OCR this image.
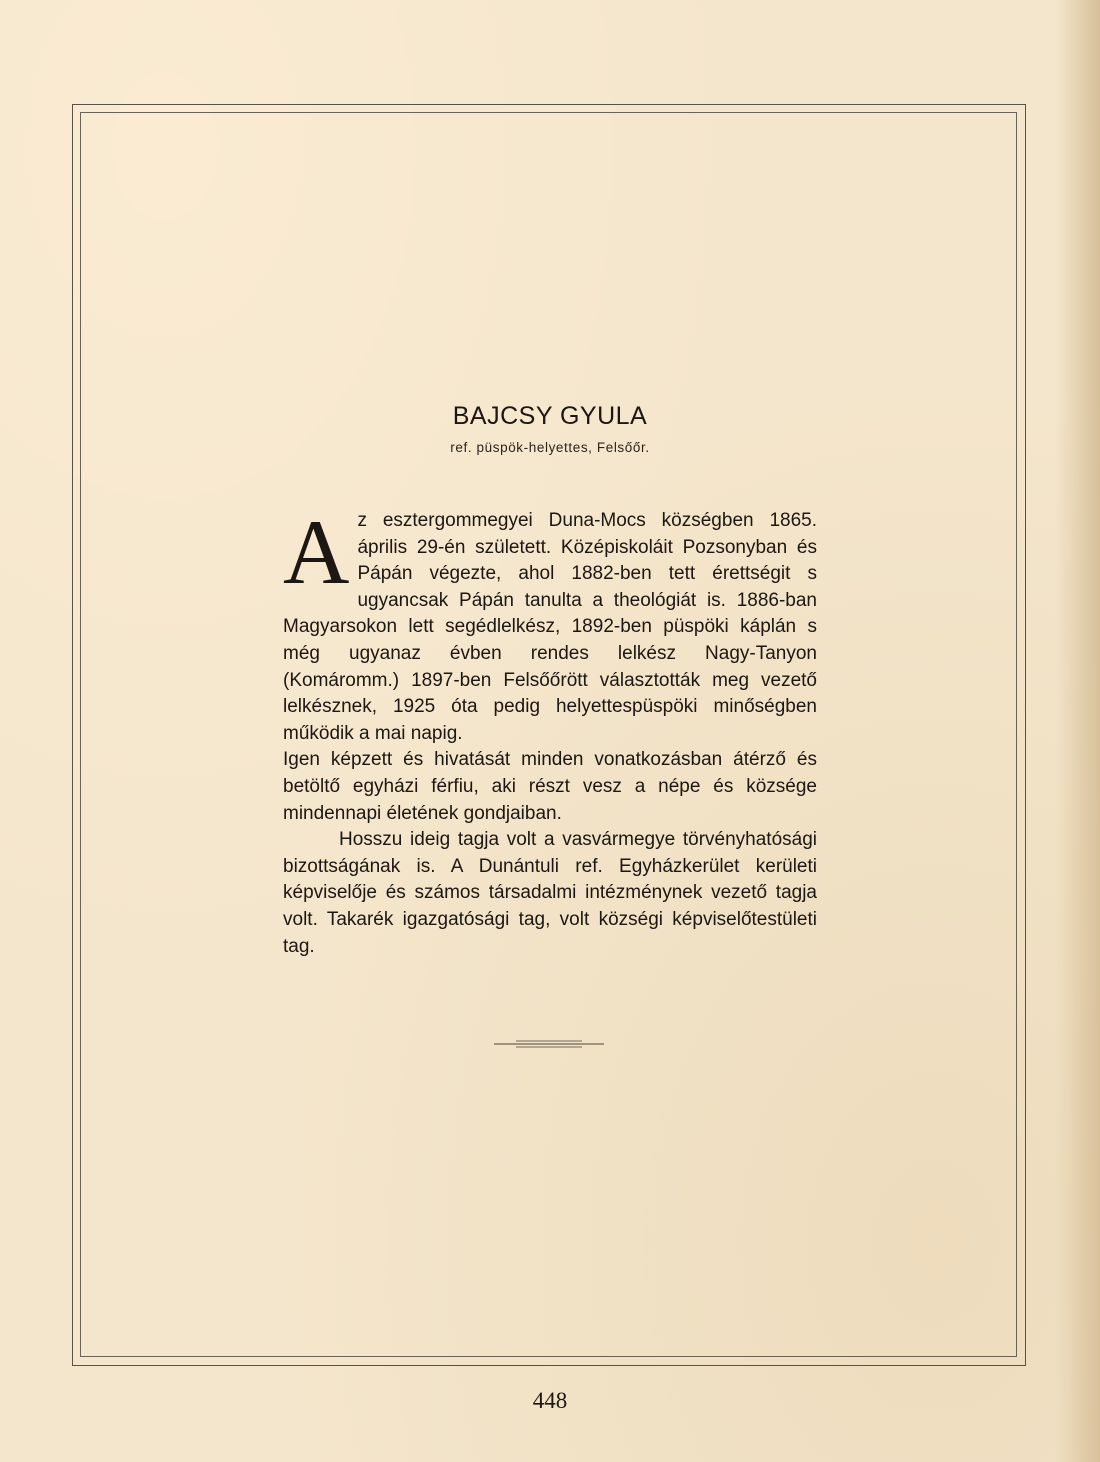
BAJCSY GYULA
ref. püspök-helyettes, Felsőőr.

Az esztergommegyei Duna-Mocs községben 1865. április 29-én született. Középiskoláit Pozsonyban és Pápán végezte, ahol 1882-ben tett érettségit s ugyancsak Pápán tanulta a theológiát is. 1886-ban Magyarsokon lett segédlelkész, 1892-ben püspöki káplán s még ugyanaz évben rendes lelkész Nagy-Tanyon (Komáromm.) 1897-ben Felsőőrött választották meg vezető lelkésznek, 1925 óta pedig helyettespüspöki minőségben működik a mai napig.

Igen képzett és hivatását minden vonatkozásban átérző és betöltő egyházi férfiu, aki részt vesz a népe és községe mindennapi életének gondjaiban.

Hosszu ideig tagja volt a vasvármegye törvényhatósági bizottságának is. A Dunántuli ref. Egyházkerület kerületi képviselője és számos társadalmi intézménynek vezető tagja volt. Takarék igazgatósági tag, volt községi képviselőtestületi tag.

448
